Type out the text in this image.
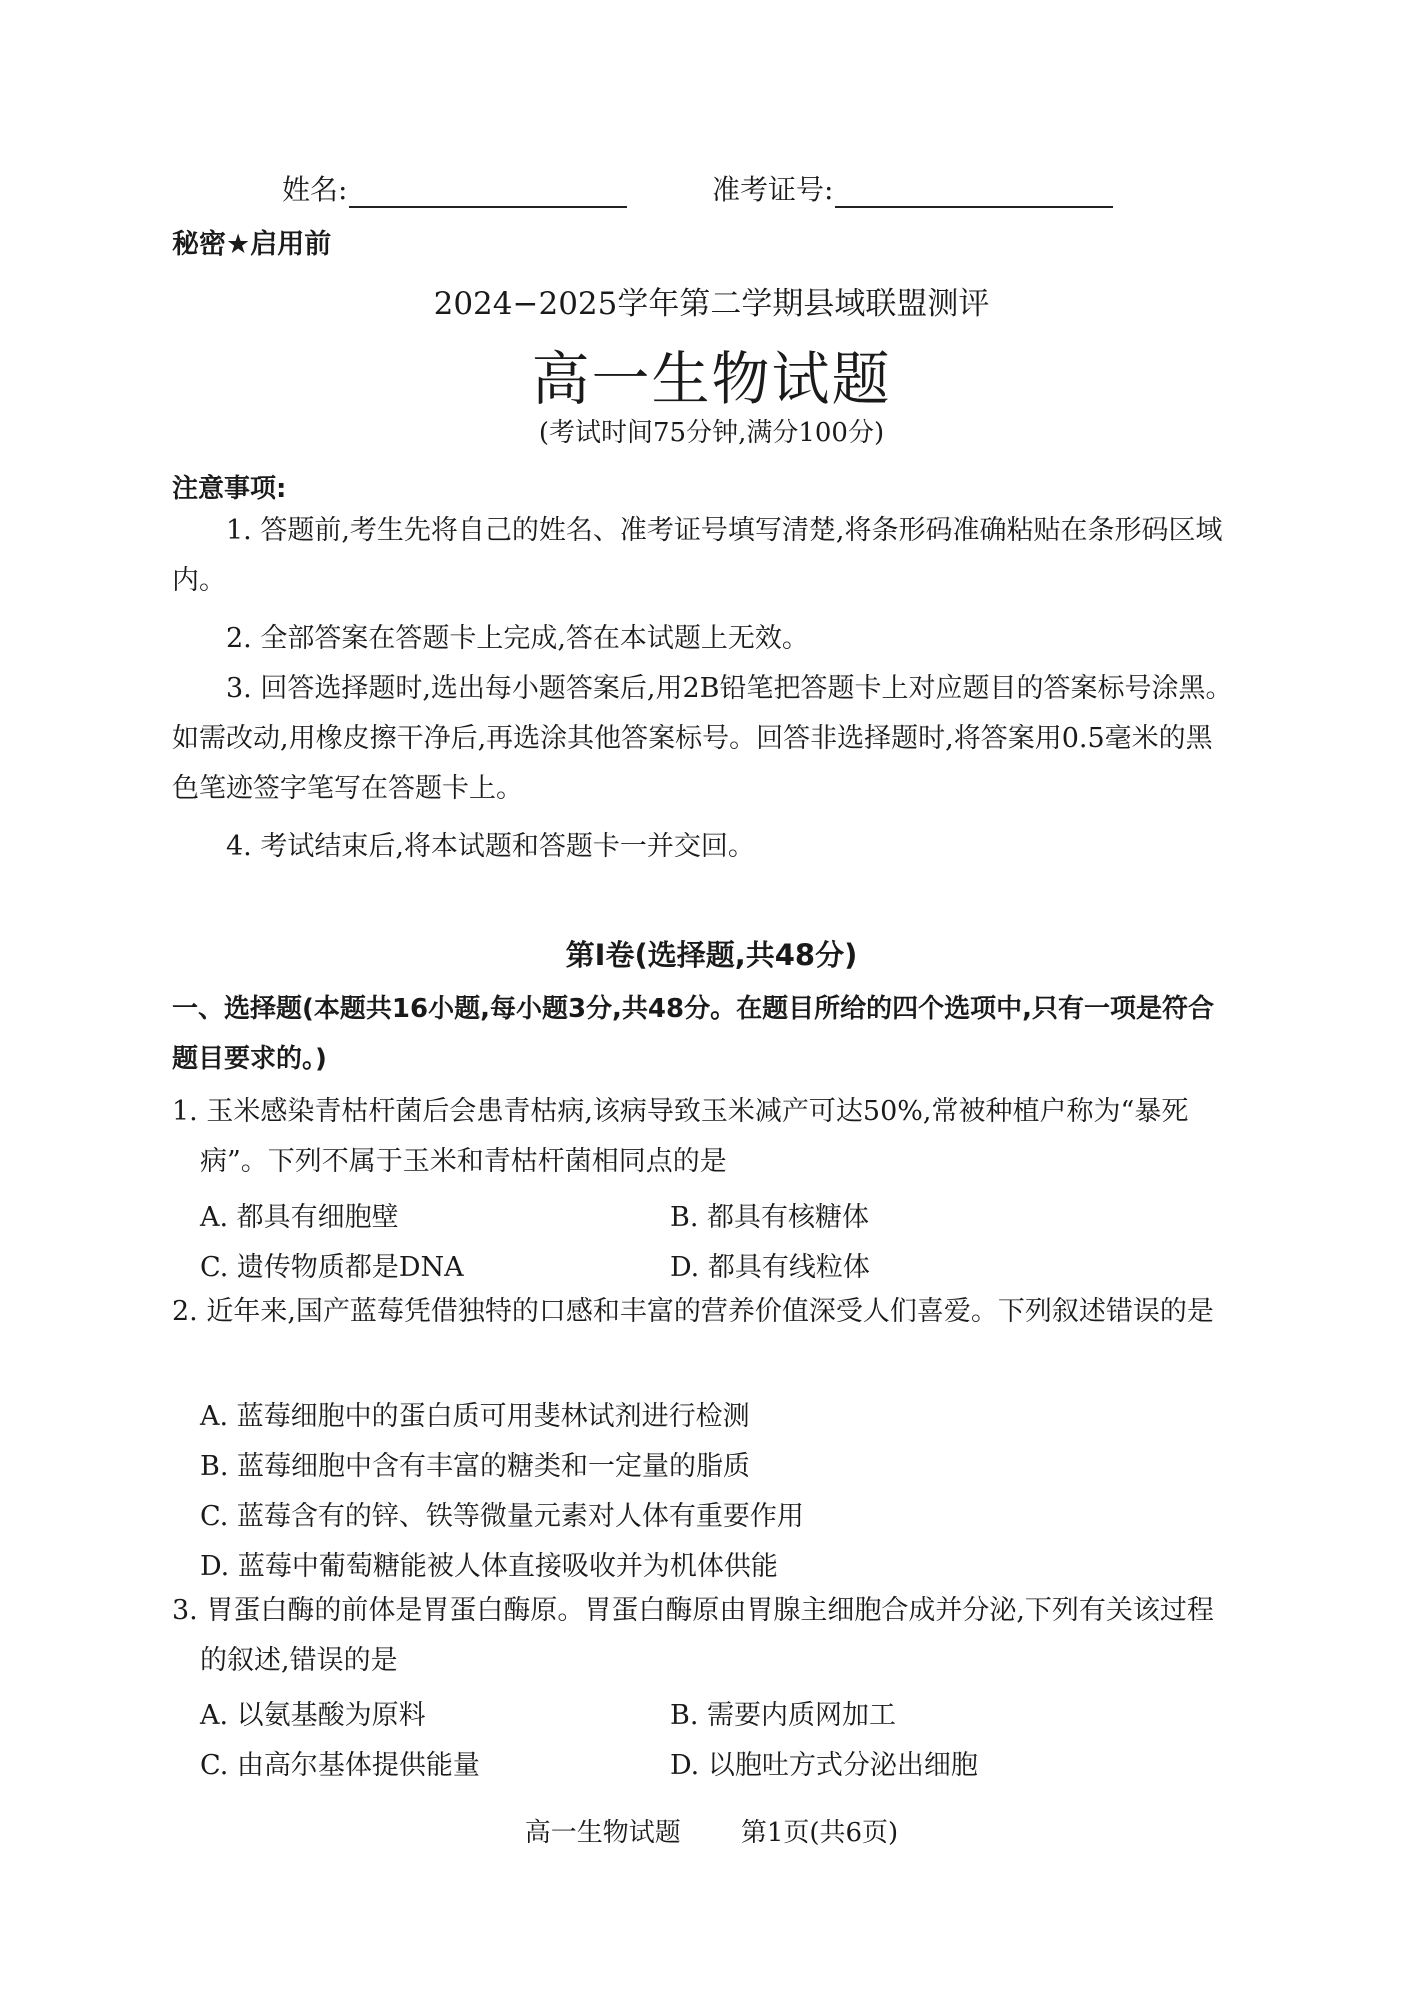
姓名:	准考证号:
秘密★启用前
2024−2025学年第二学期县域联盟测评
高一生物试题
(考试时间75分钟,满分100分)
注意事项:
1. 答题前,考生先将自己的姓名、准考证号填写清楚,将条形码准确粘贴在条形码区域内。
2. 全部答案在答题卡上完成,答在本试题上无效。
3. 回答选择题时,选出每小题答案后,用2B铅笔把答题卡上对应题目的答案标号涂黑。如需改动,用橡皮擦干净后,再选涂其他答案标号。回答非选择题时,将答案用0.5毫米的黑色笔迹签字笔写在答题卡上。
4. 考试结束后,将本试题和答题卡一并交回。
第Ⅰ卷(选择题,共48分)
一、选择题(本题共16小题,每小题3分,共48分。在题目所给的四个选项中,只有一项是符合题目要求的。)
1. 玉米感染青枯杆菌后会患青枯病,该病导致玉米减产可达50%,常被种植户称为“暴死病”。下列不属于玉米和青枯杆菌相同点的是
A. 都具有细胞壁	B. 都具有核糖体
C. 遗传物质都是DNA	D. 都具有线粒体
2. 近年来,国产蓝莓凭借独特的口感和丰富的营养价值深受人们喜爱。下列叙述错误的是
A. 蓝莓细胞中的蛋白质可用斐林试剂进行检测
B. 蓝莓细胞中含有丰富的糖类和一定量的脂质
C. 蓝莓含有的锌、铁等微量元素对人体有重要作用
D. 蓝莓中葡萄糖能被人体直接吸收并为机体供能
3. 胃蛋白酶的前体是胃蛋白酶原。胃蛋白酶原由胃腺主细胞合成并分泌,下列有关该过程的叙述,错误的是
A. 以氨基酸为原料	B. 需要内质网加工
C. 由高尔基体提供能量	D. 以胞吐方式分泌出细胞
高一生物试题 第1页(共6页)
